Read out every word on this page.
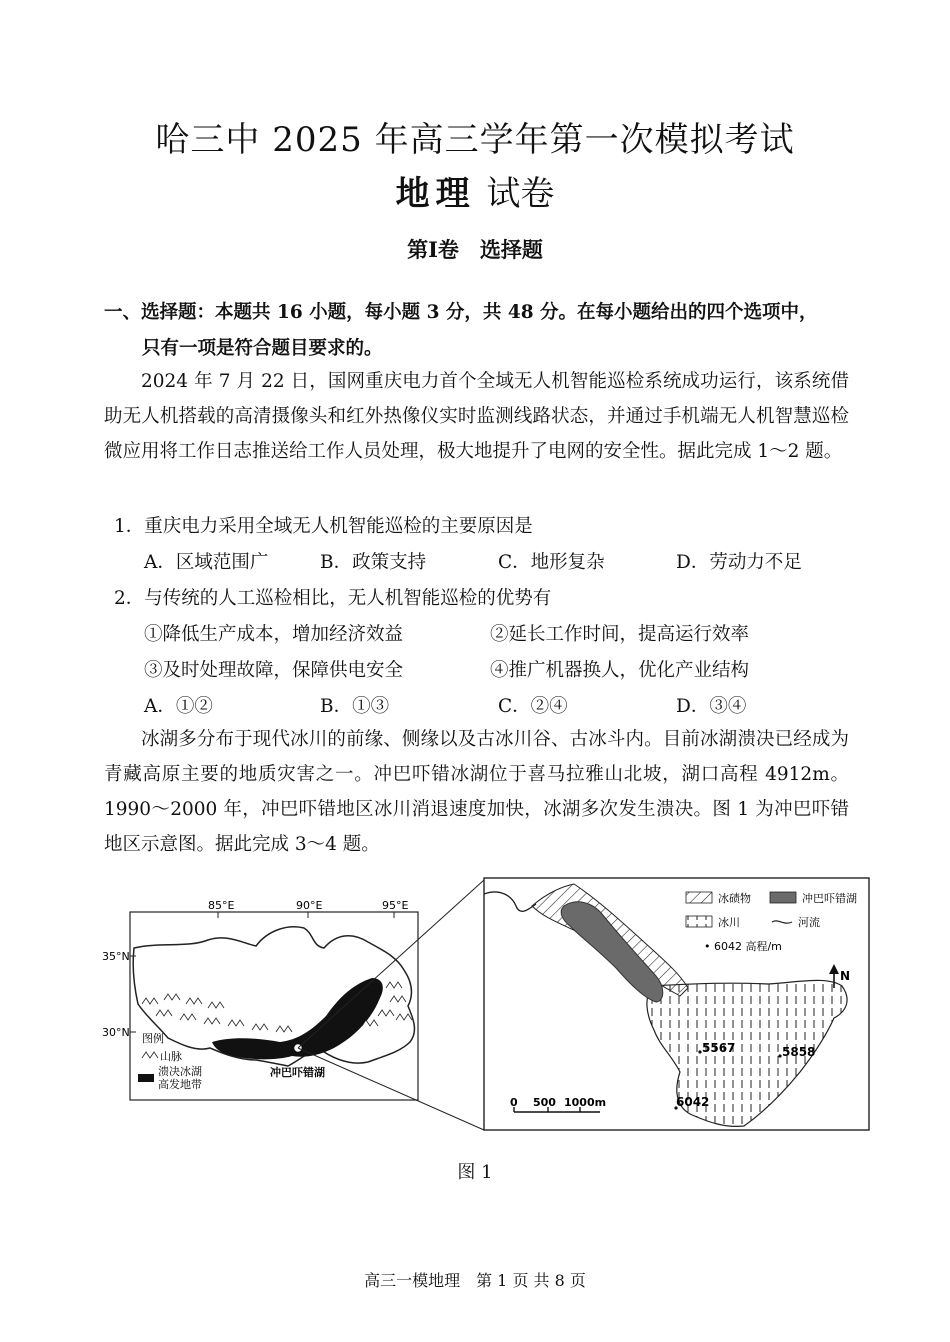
哈三中 2025 年高三学年第一次模拟考试
地理 试卷
第Ⅰ卷　选择题
一、选择题：本题共 16 小题，每小题 3 分，共 48 分。在每小题给出的四个选项中，
只有一项是符合题目要求的。
2024 年 7 月 22 日，国网重庆电力首个全域无人机智能巡检系统成功运行，该系统借助无人机搭载的高清摄像头和红外热像仪实时监测线路状态，并通过手机端无人机智慧巡检微应用将工作日志推送给工作人员处理，极大地提升了电网的安全性。据此完成 1～2 题。
1．重庆电力采用全域无人机智能巡检的主要原因是
A．区域范围广	B．政策支持	C．地形复杂	D．劳动力不足
2．与传统的人工巡检相比，无人机智能巡检的优势有
①降低生产成本，增加经济效益	②延长工作时间，提高运行效率
③及时处理故障，保障供电安全	④推广机器换人，优化产业结构
A．①②	B．①③	C．②④	D．③④
冰湖多分布于现代冰川的前缘、侧缘以及古冰川谷、古冰斗内。目前冰湖溃决已经成为青藏高原主要的地质灾害之一。冲巴吓错冰湖位于喜马拉雅山北坡，湖口高程 4912m。1990～2000 年，冲巴吓错地区冰川消退速度加快，冰湖多次发生溃决。图 1 为冲巴吓错地区示意图。据此完成 3～4 题。
85°E	90°E	95°E
35°N
30°N
冲巴吓错湖
图例
山脉
溃决冰湖
高发地带
冰碛物	冲巴吓错湖
冰川	河流
• 6042 高程/m
N
5567	5858
6042
0 500 1000m
图 1
高三一模地理　第 1 页 共 8 页
